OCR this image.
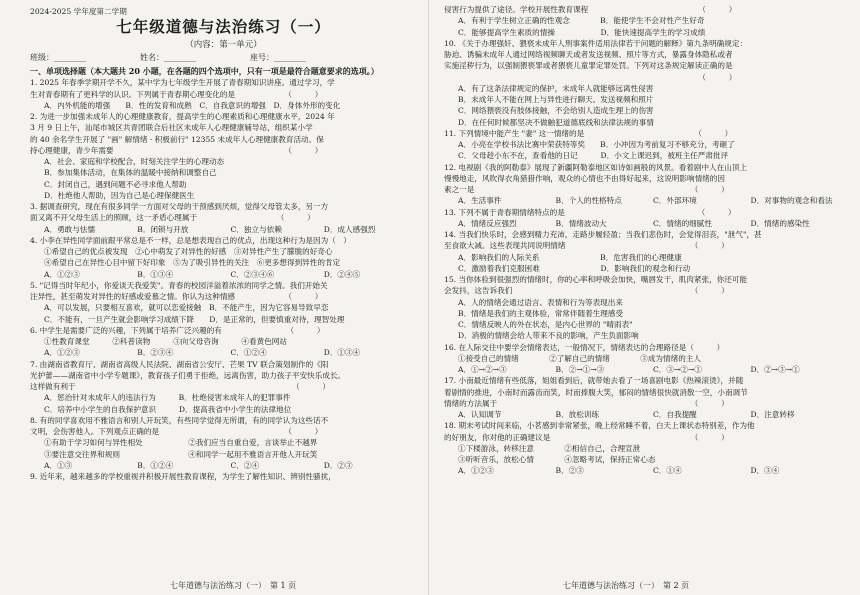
2024-2025 学年度第二学期
七年级道德与法治练习（一）
（内容：第一单元）
班级：________	姓名：________	座号：________
一、单项选择题（本大题共 20 小题，在各题的四个选项中，只有一项是最符合题意要求的选项。）

1. 2025 年春季学期开学不久，某中学为七年级学生开展了青春期知识讲座。通过学习，学

生对青春期有了更科学的认识。下列属于青春期心理变化的是　　　　　　　（　　　）

A．内外机能的增强　　B．性的发育和成熟　C．自我意识的增强　D．身体外形的变化

2. 为进一步加强未成年人的心理健康教育，提高学生的心理素质和心理健康水平，2024 年

3 月 9 日上午，汕尾市城区共青团联合后社区未成年人心理健康辅导站，组织某小学

的 40 余名学生开展了 "画" 解情绪 · 积极前行" 12355 未成年人心理健康教育活动。保

持心理健康，青少年需要　　　　　　　　　　　　　　　　　　　　　　　（　　　）

A．社会、家庭和学校配合，时刻关注学生的心理动态

B．参加集体活动，在集体的温暖中接纳和调整自己

C．封闭自己，遇到问题不必寻求他人帮助

D．杜绝他人帮助，因为自己是心理保健医生

3. 据调查研究，现在有很多同学一方面对父母的干预感到厌烦，觉得父母管太多，另一方

面又离不开父母生活上的照顾，这一矛盾心理属于　　　　　　　　　　　（　　　）

A．勇敢与怯懦	B．闭锁与开放	C．独立与依赖	D．成人感强烈

4. 小李在异性同学面前跟平常总是不一样，总是想表现自己的优点，出现这种行为是因为（　）

①希望自己的优点被发现　②心中萌发了对异性的好感　③对异性产生了朦胧的好奇心

④希望自己在异性心目中留下好印象　⑤为了吸引异性的关注　⑥更多想得到异性的肯定

A．①②③	B．①③④	C．②③④⑥	D．②④⑤

5. "记得当时年纪小，你爱谈天我爱笑"。青春的校园洋溢着浓浓的同学之情。我们开始关

注异性，甚至萌发对异性的好感或爱慕之情。你认为这种情感　　　　　　　（　　　）

A．可以发展，只要相互喜欢，就可以恋爱接触　B．不能产生，因为它容易导致早恋

C．不能有，一旦产生就会影响学习成绩下降　　D．是正常的，但要慎重对待，理智处理

6. 中学生是需要广泛的兴趣，下列属于培养广泛兴趣的有　　　　　　　　　（　　　）

①性教育课堂　　　②科普读物　　　③向父母咨询　　　④看黄色网站

A．①②③	B．②③④	C．①②④	D．①③④

7. 由湖南省教育厅、湖南省高级人民法院、湖南省公安厅、芒果 TV 联合策划制作的《阳

光护蕾——湖南省中小学专题课》，教育孩子们勇于拒绝，远离伤害，助力孩子平安快乐成长。

这样做有利于　　　　　　　　　　　　　　　　　　　　　　　　　　　　　（　　　）

A．惩治针对未成年人的违法行为　　　B．杜绝侵害未成年人的犯罪事件

C．培养中小学生的自我保护意识　　　D．提高我省中小学生的法律地位

8. 有的同学喜欢用不雅语言和别人开玩笑，有些同学觉得无所谓，有的同学认为这些话不

文明，会伤害他人。下列观点正确的是　　　　　　　　　　　　　　　　　（　　　）

①有助于学习如何与异性相处　　　　　　②我们应当自重自爱，言谈举止不越界

③要注意交往界和规则　　　　　　　　　④和同学一起用不雅语言开他人开玩笑

A．①③	B．①②④	C．②④	D．②③

9. 近年来，越来越多的学校重视并积极开展性教育课程，为学生了解性知识、辨别性骚扰，

侵害行为提供了途径。学校开展性教育课程　　　　　　　　　　　　　　　（　　　）

A．有利于学生树立正确的性观念　　　　B．能使学生不会对性产生好奇

C．能够提高学生素质的情操　　　　　　D．能快速提高学生的学习成绩

10. 《关于办理强奸、猥亵未成年人刑事案件适用法律若干问题的解释》第九条明确规定：

胁迫、诱骗未成年人通过网络视频聊天或者发送视频、照片等方式，暴露身体隐私或者

实施淫秽行为，以强制猥亵罪或者猥亵儿童罪定罪处罚。下列对这条规定解读正确的是

　　　　　　　　　　　　　　　　　　　　　　　　　　　　　　　　　　（　　　）

A．有了这条法律规定的保护，未成年人就能够远离性侵害

B．未成年人不能在网上与异性进行聊天、发送视频和照片

C．网络猥亵没有肢体接触，不会给别人造成生理上的伤害

D．在任何时候都坚决不做触犯道德底线和法律法规的事情

11. 下列情境中能产生 "妻" 这一情绪的是　　　　　　　　　　　　　　　（　　　）

A．小亮在学校书法比赛中荣获特等奖　　B．小冲因为考前复习不够充分，考砸了

C．父母趁小东不在，查看他的日记　　　D．小文上课迟到，被班主任严肃批评

12. 电视剧《我的阿勒泰》展现了新疆阿勒泰地区如诗如画般的风景。看着剧中人在山顶上

慢慢地走，风吹得衣角猎猎作响，观众的心情也不由得好起来，这说明影响情绪的因

素之一是　　　　　　　　　　　　　　　　　　　　　　　　　　　　　（　　　）

A．生活事件	B．个人的性格特点	C．外部环境	D．对事物的观念和看法

13. 下列不属于青春期情绪特点的是　　　　　　　　　　　　　　　　　　（　　　）

A．情绪反应强烈	B．情绪波动大	C．情绪的细腻性	D．情绪的感染性

14. 当我们快乐时，会感到精力充沛，走路步履轻盈；当我们悲伤时，会觉得泪丧，"泄气"，甚

至食欲大减。这些表现共同说明情绪　　　　　　　　　　　　　　　　　（　　　）

A．影响我们的人际关系　　　　　　　　B．危害我们的心理健康

C．激励着我们克服困难　　　　　　　　D．影响我们的观念和行动

15. 当你体验到很强烈的情绪时，你的心率和呼吸会加快，嘴唇发干，肌肉紧张，你还可能

会发抖，这告诉我们　　　　　　　　　　　　　　　　　　　　　　　　（　　　）

A．人的情绪会通过语言、表情和行为等表现出来

B．情绪是我们的主观体验，常常伴随着生理感受

C．情绪反映人的外在状态，是内心世界的 "晴雨表"

D．消极的情绪会给人带来不良的影响，产生负面影响

16. 在人际交往中要学会情绪表达，一般情况下，情绪表达的合理路径是（　　　）

①接受自己的情绪　　　　②了解自己的情绪　　　　③成为情绪的主人

A．①→②→③	B．②→①→③	C．③→②→①	D．②→③→①

17. 小南最近情绪有些低落，姐姐看到后，就带她去看了一场喜剧电影《热辣滚烫》，并随

着剧情的推进，小南时而露齿而笑，时而捧腹大笑，郁闷的情绪很快就消散一空，小南调节

情绪的方法属于　　　　　　　　　　　　　　　　　　　　　　　　　　（　　　）

A．认知调节	B．放松训练	C．自我提醒	D．注意转移

18. 期末考试时间来临，小茗感到非常紧张，晚上经常睡不着，白天上课状态特别差，作为他

的好朋友，你对他的正确建议是　　　　　　　　　　　　　　　　　　　（　　　）

①下楼游泳，转移注意　　　　②相信自己，合理宣泄

③听听音乐，放松心情　　　　④忽略考试，保持正常心态

A．①②③	B．②③	C．①④	D．③④
七年道德与法治练习（一）　第 1 页	七年道德与法治练习（一）　第 2 页
